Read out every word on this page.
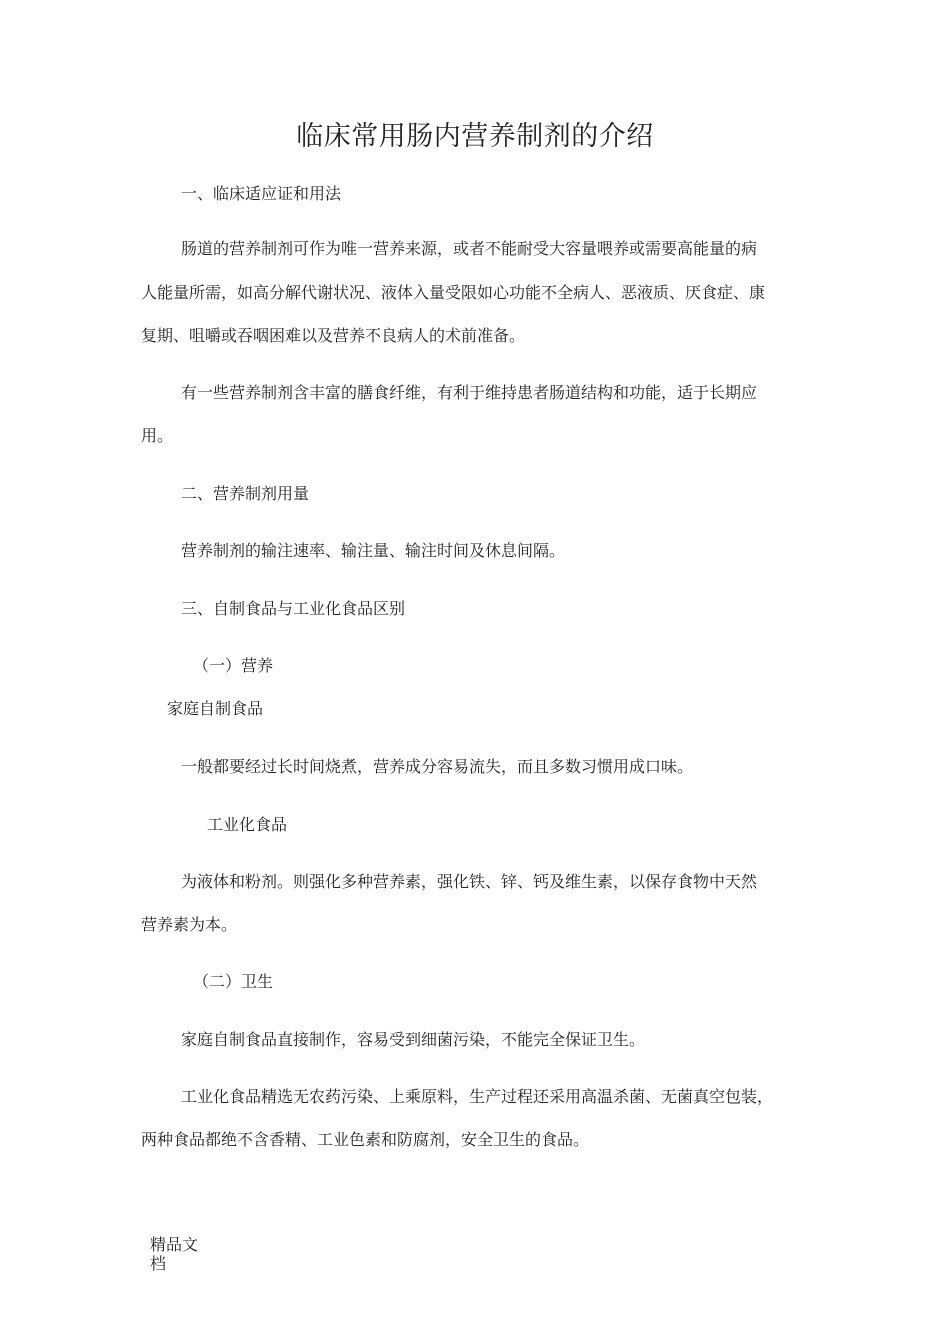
临床常用肠内营养制剂的介绍
一、临床适应证和用法
肠道的营养制剂可作为唯一营养来源，或者不能耐受大容量喂养或需要高能量的病
人能量所需，如高分解代谢状况、液体入量受限如心功能不全病人、恶液质、厌食症、康
复期、咀嚼或吞咽困难以及营养不良病人的术前准备。
有一些营养制剂含丰富的膳食纤维，有利于维持患者肠道结构和功能，适于长期应
用。
二、营养制剂用量
营养制剂的输注速率、输注量、输注时间及休息间隔。
三、自制食品与工业化食品区别
（一）营养
家庭自制食品
一般都要经过长时间烧煮，营养成分容易流失，而且多数习惯用成口味。
工业化食品
为液体和粉剂。则强化多种营养素，强化铁、锌、钙及维生素，以保存食物中天然
营养素为本。
（二）卫生
家庭自制食品直接制作，容易受到细菌污染，不能完全保证卫生。
工业化食品精选无农药污染、上乘原料，生产过程还采用高温杀菌、无菌真空包装，
两种食品都绝不含香精、工业色素和防腐剂，安全卫生的食品。
精品文档
